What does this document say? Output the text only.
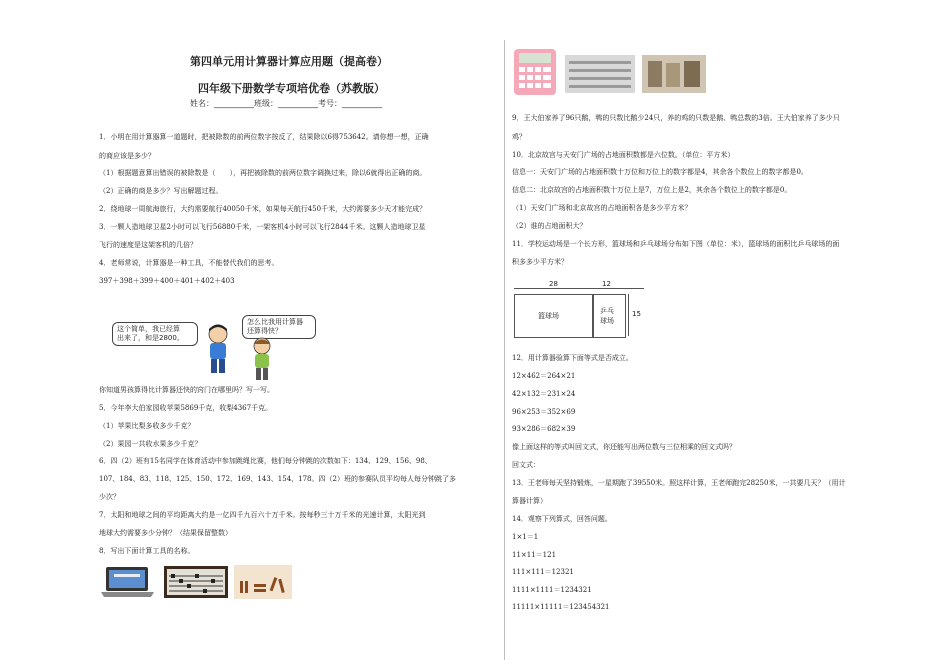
第四单元用计算器计算应用题（提高卷）
四年级下册数学专项培优卷（苏教版）
姓名：__________班级：__________考号：__________
1．小明在用计算器算一道题时，把被除数的前两位数字按反了，结果除以6得753642。请你想一想，正确
的商应该是多少？
（1）根据题意算出错误的被除数是（　　），再把被除数的前两位数字调换过来，除以6就得出正确的商。
（2）正确的商是多少？写出解题过程。
2．绕地球一周航海旅行，大约需要航行40050千米，如果每天航行450千米，大约需要多少天才能完成？
3．一颗人造地球卫星2小时可以飞行56880千米，一架客机4小时可以飞行2844千米。这颗人造地球卫星
飞行的速度是这架客机的几倍？
4．老师常说，计算器是一种工具，不能替代我们的思考。
397＋398＋399＋400＋401＋402＋403
这个简单，我已经算
出来了，和是2800。
怎么比我用计算器
还算得快？
你知道男孩算得比计算器还快的窍门在哪里吗？写一写。
5．今年李大伯家园收苹果5869千克，收梨4367千克。
（1）苹果比梨多收多少千克？
（2）果园一共收水果多少千克？
6．四（2）班有15名同学在体育活动中参加跳绳比赛，他们每分钟跳的次数如下：134、129、156、98、
107、184、83、118、125、150、172、169、143、154、178。四（2）班的参赛队员平均每人每分钟跳了多
少次？
7．太阳和地球之间的平均距离大约是一亿四千九百六十万千米。按每秒三十万千米的光速计算，太阳光到
地球大约需要多少分钟？（结果保留整数）
8．写出下面计算工具的名称。
9．王大伯家养了96只鹅，鸭的只数比鹅少24只，养的鸡的只数是鹅、鸭总数的3倍。王大伯家养了多少只
鸡？
10．北京故宫与天安门广场的占地面积数都是六位数。（单位：平方米）
信息一：天安门广场的占地面积数十万位和万位上的数字都是4，其余各个数位上的数字都是0。
信息二：北京故宫的占地面积数十万位上是7，万位上是2，其余各个数位上的数字都是0。
（1）天安门广场和北京故宫的占地面积各是多少平方米？
（2）谁的占地面积大？
11．学校运动场是一个长方形，篮球场和乒乓球场分布如下图（单位：米），篮球场的面积比乒乓球场的面
积多多少平方米？
28	12
篮球场
乒乓
球场
15
12．用计算器验算下面等式是否成立。
12×462＝264×21
42×132＝231×24
96×253＝352×69
93×286＝682×39
像上面这样的等式叫回文式，你还能写出两位数与三位相乘的回文式吗？
回文式：
13．王老师每天坚持锻炼，一星期跑了39550米。照这样计算，王老师跑完28250米，一共要几天？（用计
算器计算）
14．观察下列算式，回答问题。
1×1＝1
11×11＝121
111×111＝12321
1111×1111＝1234321
11111×11111＝123454321
